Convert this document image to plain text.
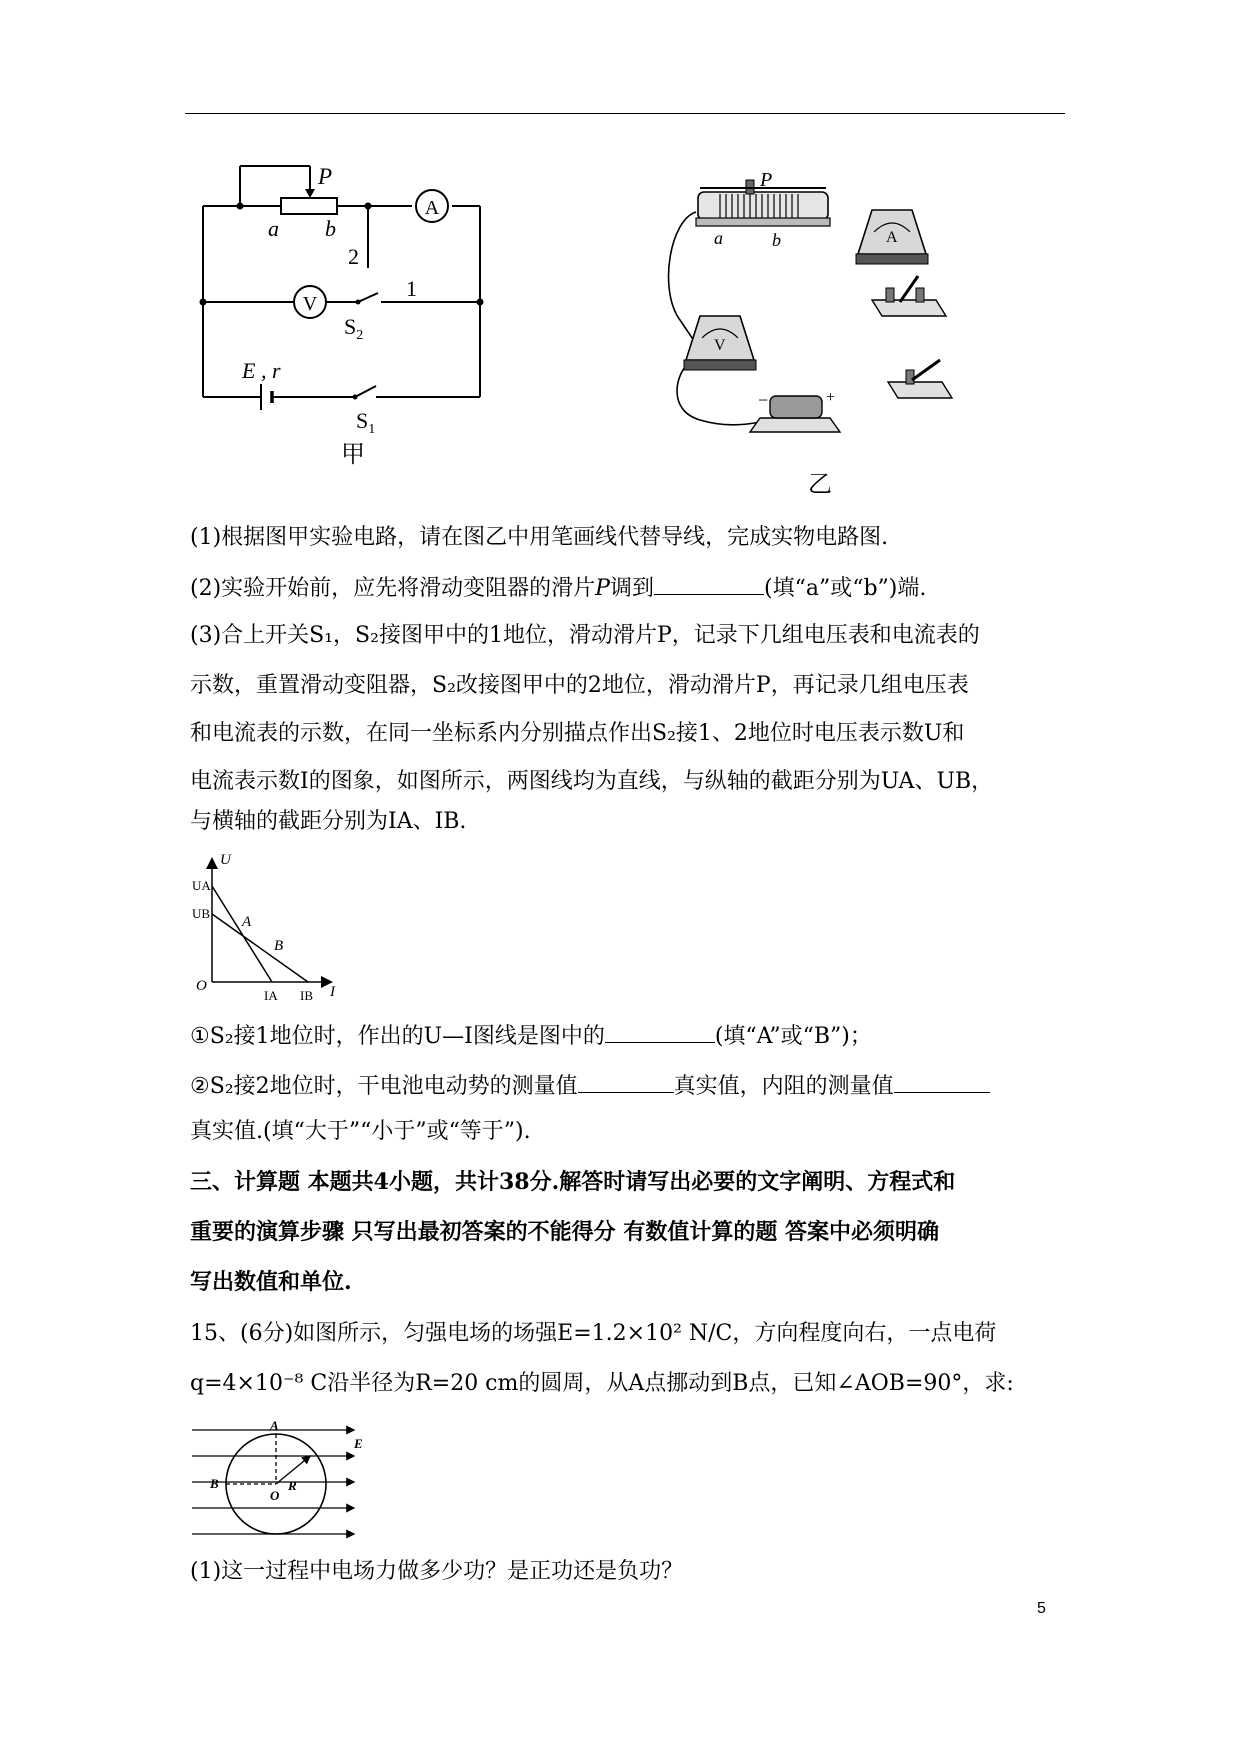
P
a b
A
V
2
1
$S_2$
E , r
$S_1$
甲
P
a	b	A
V
−	+
乙
(1)根据图甲实验电路，请在图乙中用笔画线代替导线，完成实物电路图.
(2)实验开始前，应先将滑动变阻器的滑片P调到	(填“a”或“b”)端.
(3)合上开关S₁，S₂接图甲中的1地位，滑动滑片P，记录下几组电压表和电流表的
示数，重置滑动变阻器，S₂改接图甲中的2地位，滑动滑片P，再记录几组电压表
和电流表的示数，在同一坐标系内分别描点作出S₂接1、2地位时电压表示数U和
电流表示数I的图象，如图所示，两图线均为直线，与纵轴的截距分别为UA、UB，
与横轴的截距分别为IA、IB.
U
UA
UB
A
B
O
IA IB I
①S₂接1地位时，作出的U—I图线是图中的	(填“A”或“B”)；
②S₂接2地位时，干电池电动势的测量值	真实值，内阻的测量值
真实值.(填“大于”“小于”或“等于”).
三、计算题 本题共4小题，共计38分.解答时请写出必要的文字阐明、方程式和
重要的演算步骤 只写出最初答案的不能得分 有数值计算的题 答案中必须明确
写出数值和单位.
15、(6分)如图所示，匀强电场的场强E=1.2×10² N/C，方向程度向右，一点电荷
q=4×10⁻⁸ C沿半径为R=20 cm的圆周，从A点挪动到B点，已知∠AOB=90°，求:
A
B
O
R
E
(1)这一过程中电场力做多少功？是正功还是负功？
5
